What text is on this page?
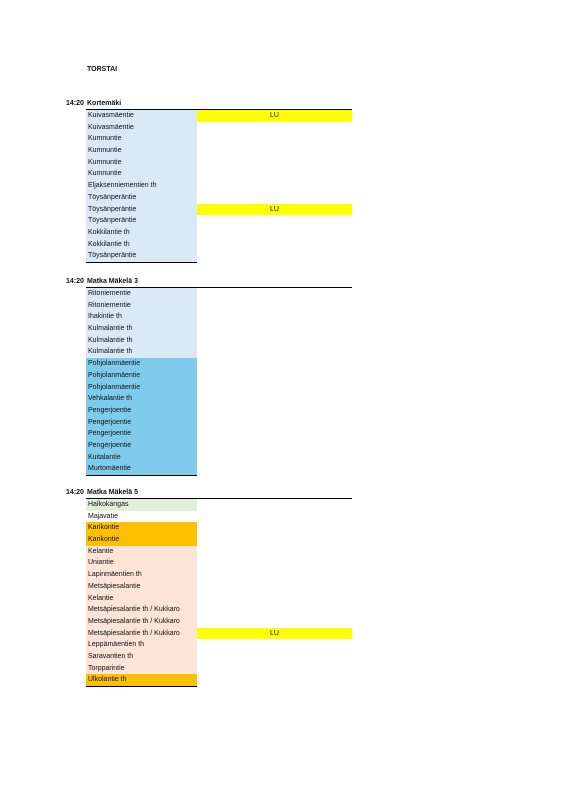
TORSTAI
14:20 Kortemäki
Kuivasmäentie	LU
Kuivasmäentie
Kumnuntie
Kumnuntie
Kumnuntie
Kumnuntie
Eljaksenniementien th
Töysänperäntie
Töysänperäntie	LU
Töysänperäntie
Kokkilantie th
Kokkilantie th
Töysänperäntie
14:20 Matka Mäkelä 3
Ritoniementie
Ritoniementie
Ihakintie th
Kulmalantie th
Kulmalantie th
Kulmalantie th
Pohjolanmäentie
Pohjolanmäentie
Pohjolanmäentie
Vehkalantie th
Pengerjoentie
Pengerjoentie
Pengerjoentie
Pengerjoentie
Kuitalantie
Murtomäentie
14:20 Matka Mäkelä 5
Halkokangas
Majavatie
Karikontie
Karikontie
Kelantie
Uniantie
Lapinmäentien th
Metsäpiesalantie
Kelantie
Metsäpiesalantie th / Kukkaro
Metsäpiesalantie th / Kukkaro
Metsäpiesalantie th / Kukkaro	LU
Leppämäentien th
Saravantien th
Torpparintie
Ulkolantie th
